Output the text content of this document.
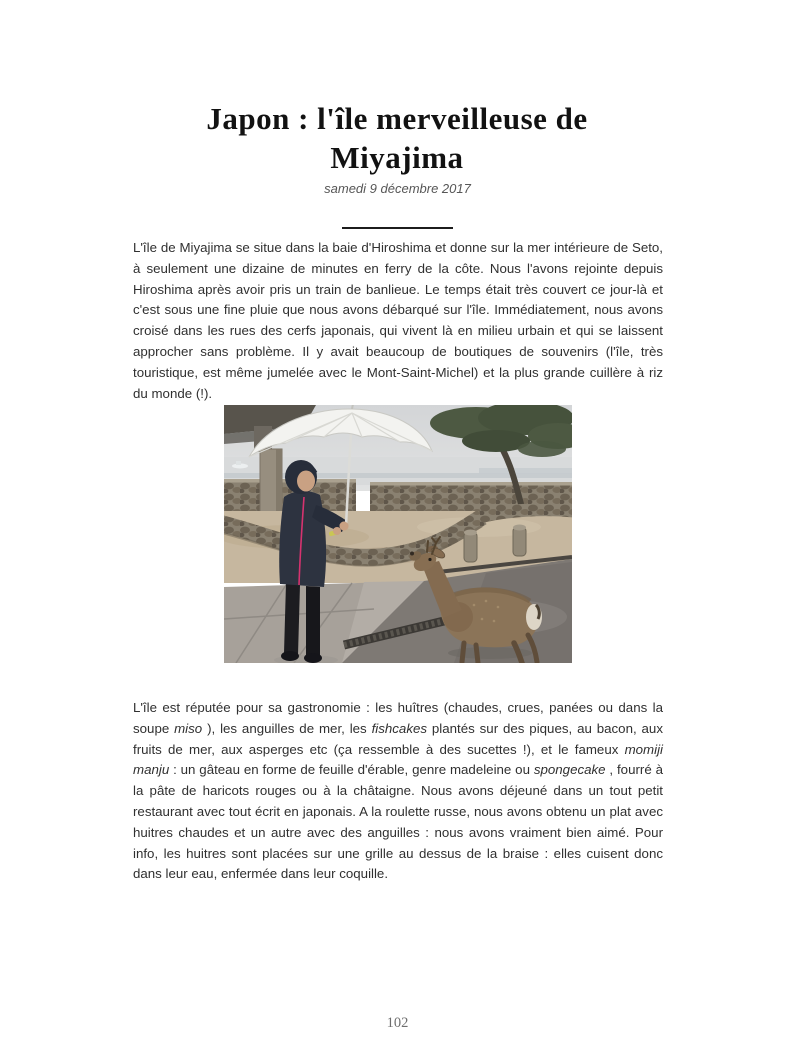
Japon : l'île merveilleuse de Miyajima
samedi 9 décembre 2017

L'île de Miyajima se situe dans la baie d'Hiroshima et donne sur la mer intérieure de Seto, à seulement une dizaine de minutes en ferry de la côte. Nous l'avons rejointe depuis Hiroshima après avoir pris un train de banlieue. Le temps était très couvert ce jour-là et c'est sous une fine pluie que nous avons débarqué sur l'île. Immédiatement, nous avons croisé dans les rues des cerfs japonais, qui vivent là en milieu urbain et qui se laissent approcher sans problème. Il y avait beaucoup de boutiques de souvenirs (l'île, très touristique, est même jumelée avec le Mont-Saint-Michel) et la plus grande cuillère à riz du monde (!).

L'île est réputée pour sa gastronomie : les huîtres (chaudes, crues, panées ou dans la soupe miso ), les anguilles de mer, les fishcakes plantés sur des piques, au bacon, aux fruits de mer, aux asperges etc (ça ressemble à des sucettes !), et le fameux momiji manju : un gâteau en forme de feuille d'érable, genre madeleine ou spongecake , fourré à la pâte de haricots rouges ou à la châtaigne. Nous avons déjeuné dans un tout petit restaurant avec tout écrit en japonais. A la roulette russe, nous avons obtenu un plat avec huitres chaudes et un autre avec des anguilles : nous avons vraiment bien aimé. Pour info, les huitres sont placées sur une grille au dessus de la braise : elles cuisent donc dans leur eau, enfermée dans leur coquille.

102
